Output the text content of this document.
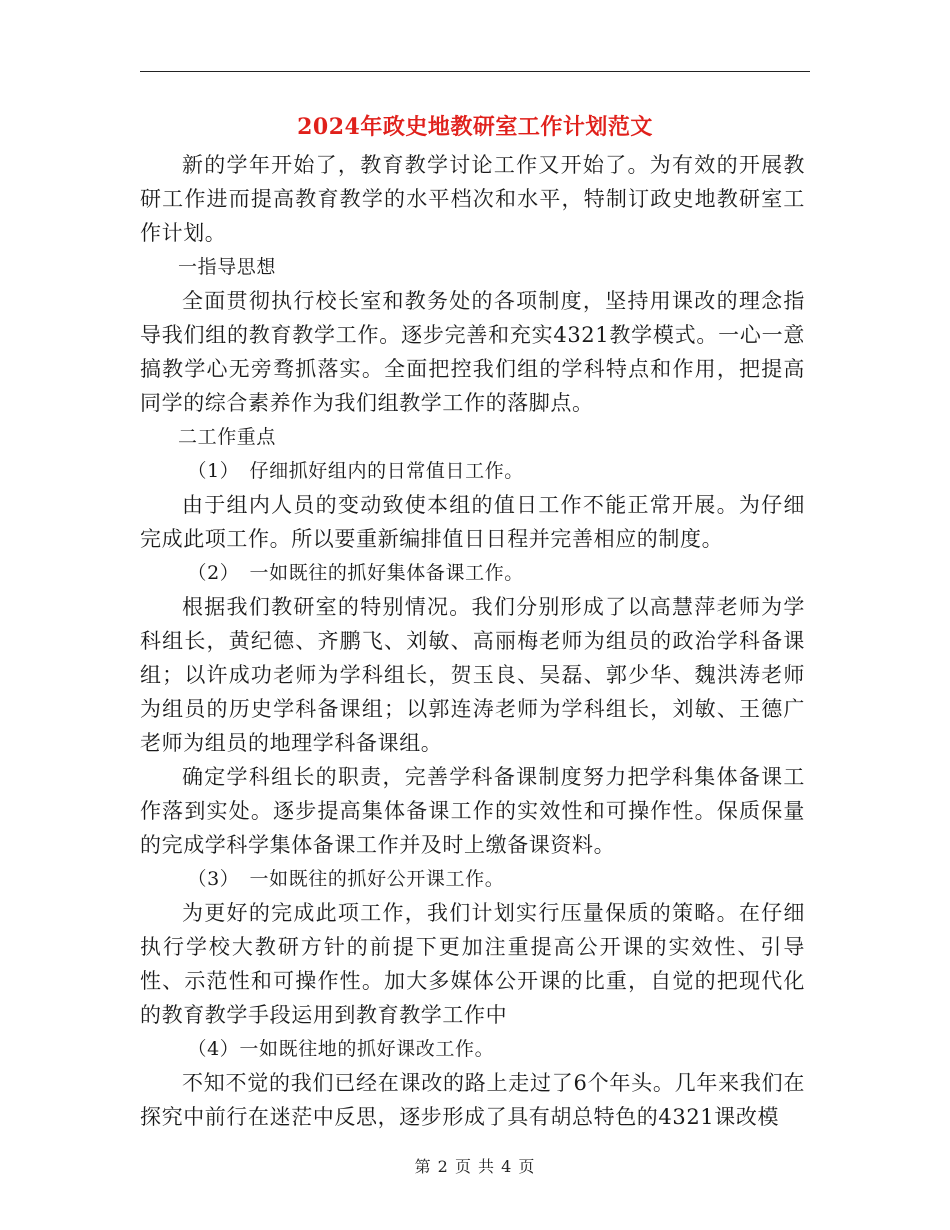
2024年政史地教研室工作计划范文
新的学年开始了，教育教学讨论工作又开始了。为有效的开展教研工作进而提高教育教学的水平档次和水平，特制订政史地教研室工作计划。
一指导思想
全面贯彻执行校长室和教务处的各项制度，坚持用课改的理念指导我们组的教育教学工作。逐步完善和充实4321教学模式。一心一意搞教学心无旁骛抓落实。全面把控我们组的学科特点和作用，把提高同学的综合素养作为我们组教学工作的落脚点。
二工作重点
（1）　仔细抓好组内的日常值日工作。
由于组内人员的变动致使本组的值日工作不能正常开展。为仔细完成此项工作。所以要重新编排值日日程并完善相应的制度。
（2）　一如既往的抓好集体备课工作。
根据我们教研室的特别情况。我们分别形成了以高慧萍老师为学科组长，黄纪德、齐鹏飞、刘敏、高丽梅老师为组员的政治学科备课组；以许成功老师为学科组长，贺玉良、吴磊、郭少华、魏洪涛老师为组员的历史学科备课组；以郭连涛老师为学科组长，刘敏、王德广老师为组员的地理学科备课组。
确定学科组长的职责，完善学科备课制度努力把学科集体备课工作落到实处。逐步提高集体备课工作的实效性和可操作性。保质保量的完成学科学集体备课工作并及时上缴备课资料。
（3）　一如既往的抓好公开课工作。
为更好的完成此项工作，我们计划实行压量保质的策略。在仔细执行学校大教研方针的前提下更加注重提高公开课的实效性、引导性、示范性和可操作性。加大多媒体公开课的比重，自觉的把现代化的教育教学手段运用到教育教学工作中
（4）一如既往地的抓好课改工作。
不知不觉的我们已经在课改的路上走过了6个年头。几年来我们在探究中前行在迷茫中反思，逐步形成了具有胡总特色的4321课改模
第 2 页 共 4 页
